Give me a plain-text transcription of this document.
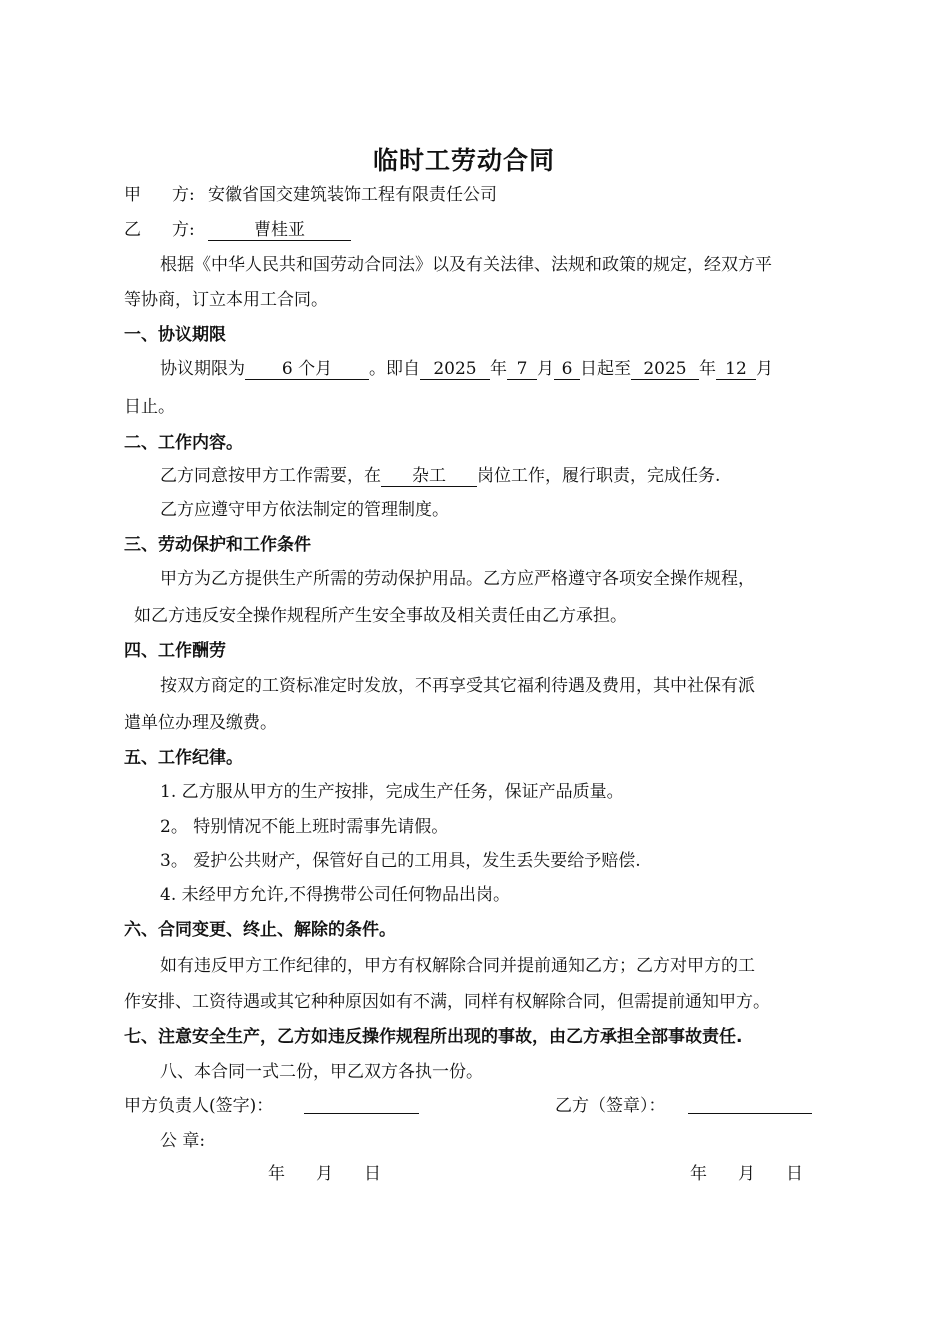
临时工劳动合同
甲 方: 安徽省国交建筑装饰工程有限责任公司
乙 方:	曹桂亚
根据《中华人民共和国劳动合同法》以及有关法律、法规和政策的规定，经双方平
等协商，订立本用工合同。
一、协议期限
协议期限为 6 个月 。即自 2025 年 7 月 6 日起至 2025 年 12 月
日止。
二、工作内容。
乙方同意按甲方工作需要，在 杂工 岗位工作，履行职责，完成任务.
乙方应遵守甲方依法制定的管理制度。
三、劳动保护和工作条件
甲方为乙方提供生产所需的劳动保护用品。乙方应严格遵守各项安全操作规程，
如乙方违反安全操作规程所产生安全事故及相关责任由乙方承担。
四、工作酬劳
按双方商定的工资标准定时发放，不再享受其它福利待遇及费用，其中社保有派
遣单位办理及缴费。
五、工作纪律。
1. 乙方服从甲方的生产按排，完成生产任务，保证产品质量。
2。 特别情况不能上班时需事先请假。
3。 爱护公共财产，保管好自己的工用具，发生丢失要给予赔偿.
4. 未经甲方允许,不得携带公司任何物品出岗。
六、合同变更、终止、解除的条件。
如有违反甲方工作纪律的，甲方有权解除合同并提前通知乙方；乙方对甲方的工
作安排、工资待遇或其它种种原因如有不满，同样有权解除合同，但需提前通知甲方。
七、注意安全生产，乙方如违反操作规程所出现的事故，由乙方承担全部事故责任.
八、本合同一式二份，甲乙双方各执一份。
甲方负责人(签字)：	乙方（签章）：
公 章:
年 月 日	年 月 日
